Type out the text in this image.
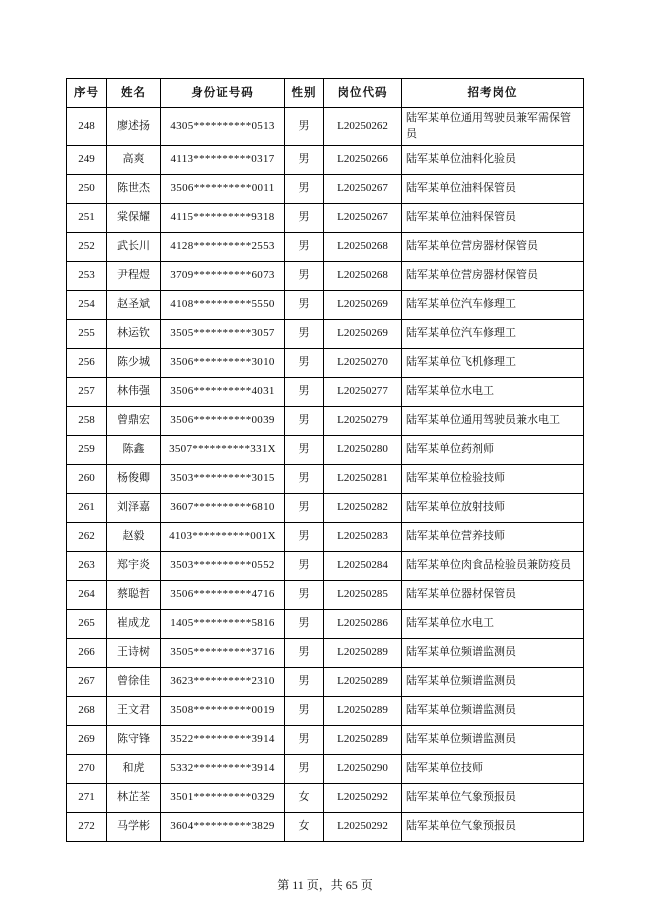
序号	姓名	身份证号码	性别	岗位代码	招考岗位
248	廖述扬	4305**********0513	男	L20250262	陆军某单位通用驾驶员兼军需保管员
249	高爽	4113**********0317	男	L20250266	陆军某单位油料化验员
250	陈世杰	3506**********0011	男	L20250267	陆军某单位油料保管员
251	棠保耀	4115**********9318	男	L20250267	陆军某单位油料保管员
252	武长川	4128**********2553	男	L20250268	陆军某单位营房器材保管员
253	尹程煜	3709**********6073	男	L20250268	陆军某单位营房器材保管员
254	赵圣斌	4108**********5550	男	L20250269	陆军某单位汽车修理工
255	林运钦	3505**********3057	男	L20250269	陆军某单位汽车修理工
256	陈少城	3506**********3010	男	L20250270	陆军某单位飞机修理工
257	林伟强	3506**********4031	男	L20250277	陆军某单位水电工
258	曾鼎宏	3506**********0039	男	L20250279	陆军某单位通用驾驶员兼水电工
259	陈鑫	3507**********331X	男	L20250280	陆军某单位药剂师
260	杨俊卿	3503**********3015	男	L20250281	陆军某单位检验技师
261	刘泽嘉	3607**********6810	男	L20250282	陆军某单位放射技师
262	赵毅	4103**********001X	男	L20250283	陆军某单位营养技师
263	郑宇炎	3503**********0552	男	L20250284	陆军某单位肉食品检验员兼防疫员
264	蔡聪哲	3506**********4716	男	L20250285	陆军某单位器材保管员
265	崔成龙	1405**********5816	男	L20250286	陆军某单位水电工
266	王诗树	3505**********3716	男	L20250289	陆军某单位频谱监测员
267	曾徐佳	3623**********2310	男	L20250289	陆军某单位频谱监测员
268	王文君	3508**********0019	男	L20250289	陆军某单位频谱监测员
269	陈守锋	3522**********3914	男	L20250289	陆军某单位频谱监测员
270	和虎	5332**********3914	男	L20250290	陆军某单位技师
271	林芷荃	3501**********0329	女	L20250292	陆军某单位气象预报员
272	马学彬	3604**********3829	女	L20250292	陆军某单位气象预报员
第 11 页，共 65 页
